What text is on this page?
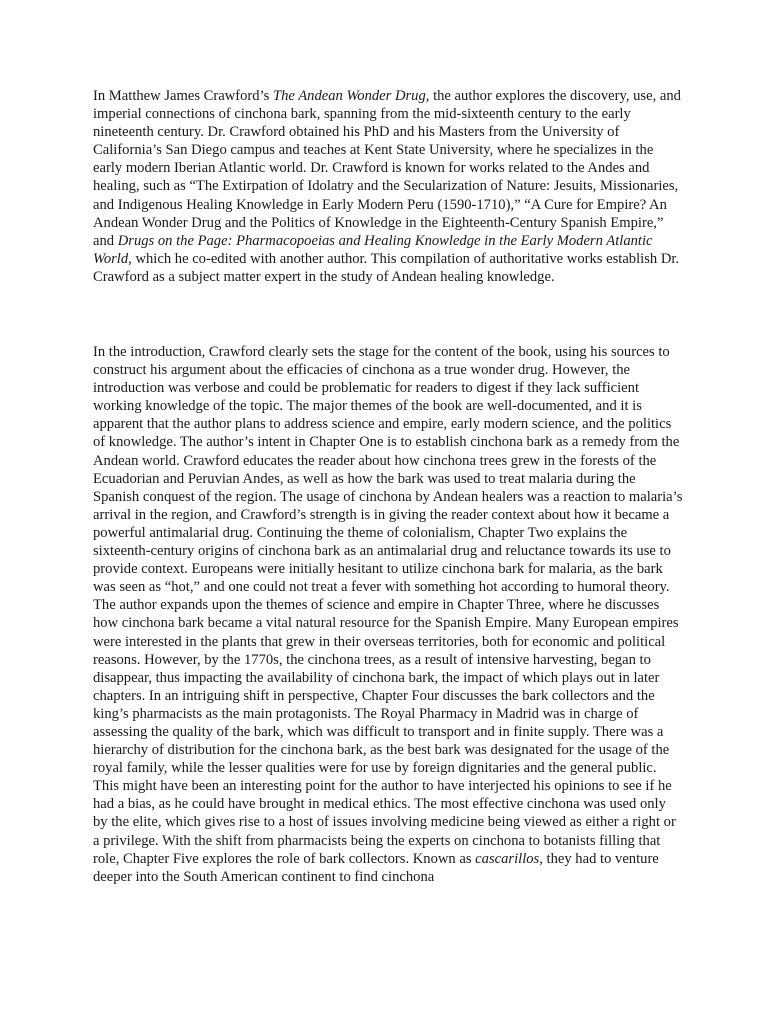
In Matthew James Crawford’s The Andean Wonder Drug, the author explores the discovery, use, and imperial connections of cinchona bark, spanning from the mid-sixteenth century to the early nineteenth century. Dr. Crawford obtained his PhD and his Masters from the University of California’s San Diego campus and teaches at Kent State University, where he specializes in the early modern Iberian Atlantic world. Dr. Crawford is known for works related to the Andes and healing, such as “The Extirpation of Idolatry and the Secularization of Nature: Jesuits, Missionaries, and Indigenous Healing Knowledge in Early Modern Peru (1590-1710),” “A Cure for Empire? An Andean Wonder Drug and the Politics of Knowledge in the Eighteenth-Century Spanish Empire,” and Drugs on the Page: Pharmacopoeias and Healing Knowledge in the Early Modern Atlantic World, which he co-edited with another author. This compilation of authoritative works establish Dr. Crawford as a subject matter expert in the study of Andean healing knowledge.

In the introduction, Crawford clearly sets the stage for the content of the book, using his sources to construct his argument about the efficacies of cinchona as a true wonder drug. However, the introduction was verbose and could be problematic for readers to digest if they lack sufficient working knowledge of the topic. The major themes of the book are well-documented, and it is apparent that the author plans to address science and empire, early modern science, and the politics of knowledge. The author’s intent in Chapter One is to establish cinchona bark as a remedy from the Andean world. Crawford educates the reader about how cinchona trees grew in the forests of the Ecuadorian and Peruvian Andes, as well as how the bark was used to treat malaria during the Spanish conquest of the region. The usage of cinchona by Andean healers was a reaction to malaria’s arrival in the region, and Crawford’s strength is in giving the reader context about how it became a powerful antimalarial drug. Continuing the theme of colonialism, Chapter Two explains the sixteenth-century origins of cinchona bark as an antimalarial drug and reluctance towards its use to provide context. Europeans were initially hesitant to utilize cinchona bark for malaria, as the bark was seen as “hot,” and one could not treat a fever with something hot according to humoral theory. The author expands upon the themes of science and empire in Chapter Three, where he discusses how cinchona bark became a vital natural resource for the Spanish Empire. Many European empires were interested in the plants that grew in their overseas territories, both for economic and political reasons. However, by the 1770s, the cinchona trees, as a result of intensive harvesting, began to disappear, thus impacting the availability of cinchona bark, the impact of which plays out in later chapters. In an intriguing shift in perspective, Chapter Four discusses the bark collectors and the king’s pharmacists as the main protagonists. The Royal Pharmacy in Madrid was in charge of assessing the quality of the bark, which was difficult to transport and in finite supply. There was a hierarchy of distribution for the cinchona bark, as the best bark was designated for the usage of the royal family, while the lesser qualities were for use by foreign dignitaries and the general public. This might have been an interesting point for the author to have interjected his opinions to see if he had a bias, as he could have brought in medical ethics. The most effective cinchona was used only by the elite, which gives rise to a host of issues involving medicine being viewed as either a right or a privilege. With the shift from pharmacists being the experts on cinchona to botanists filling that role, Chapter Five explores the role of bark collectors. Known as cascarillos, they had to venture deeper into the South American continent to find cinchona
